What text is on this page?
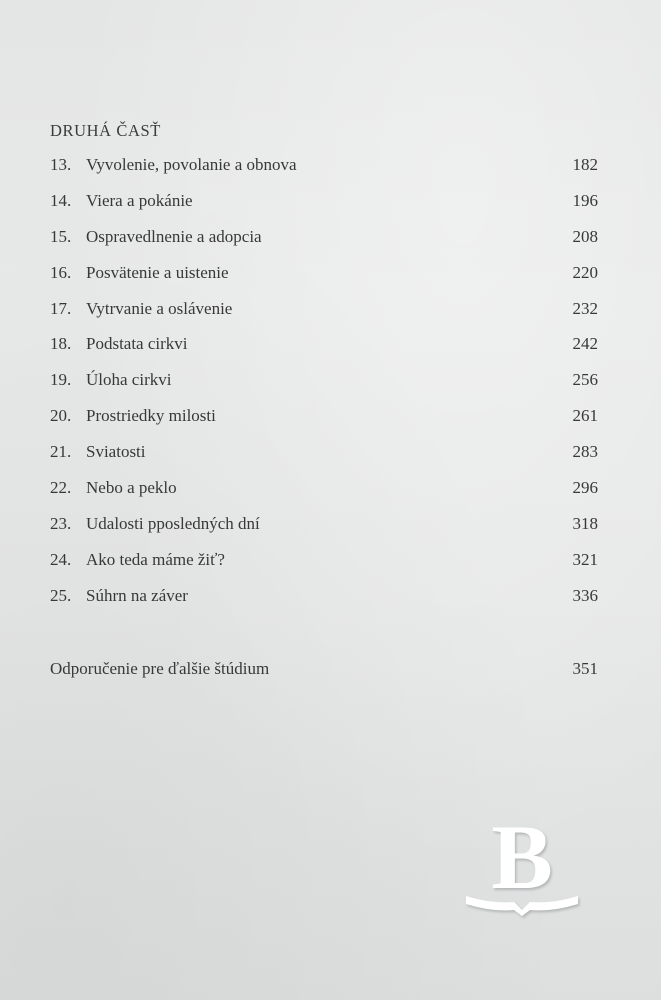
DRUHÁ ČASŤ
13. Vyvolenie, povolanie a obnova	182
14. Viera a pokánie	196
15. Ospravedlnenie a adopcia	208
16. Posvätenie a uistenie	220
17. Vytrvanie a oslávenie	232
18. Podstata cirkvi	242
19. Úloha cirkvi	256
20. Prostriedky milosti	261
21. Sviatosti	283
22. Nebo a peklo	296
23. Udalosti pposledných dní	318
24. Ako teda máme žiť?	321
25. Súhrn na záver	336
Odporučenie pre ďalšie štúdium	351
B
